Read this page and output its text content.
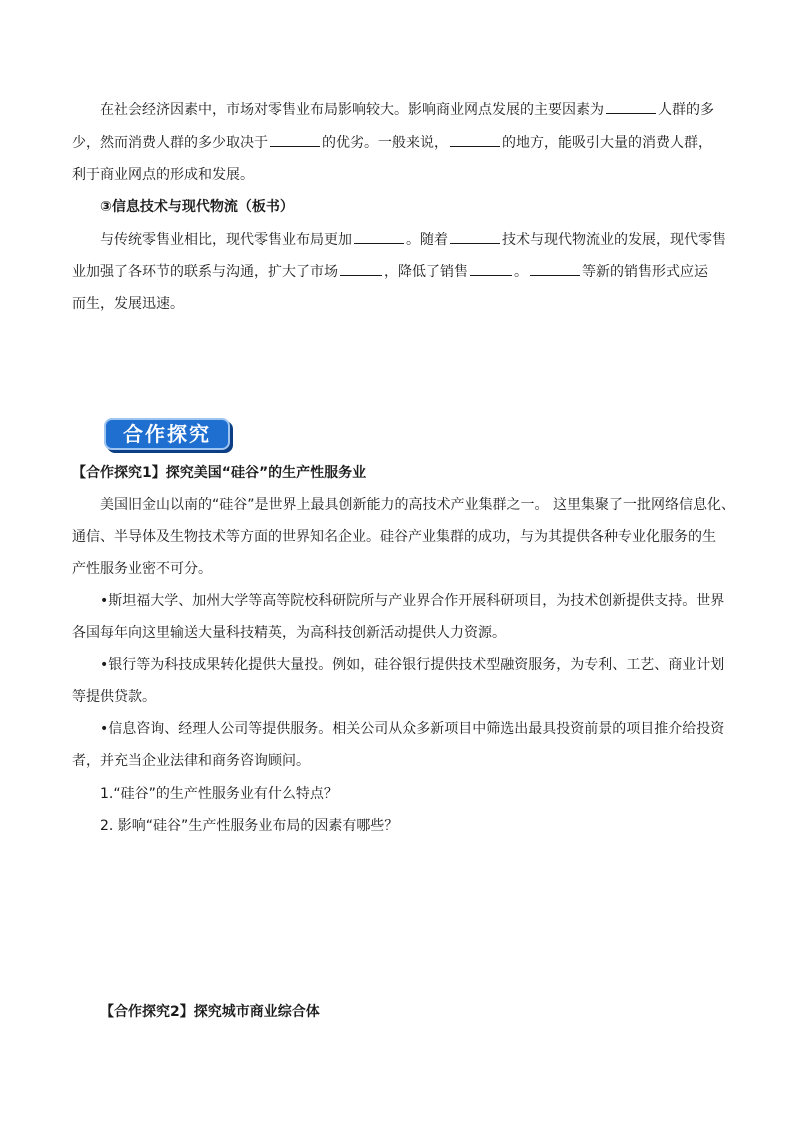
在社会经济因素中，市场对零售业布局影响较大。影响商业网点发展的主要因素为	人群的多
少，然而消费人群的多少取决于	的优劣。一般来说，	的地方，能吸引大量的消费人群，
利于商业网点的形成和发展。
③信息技术与现代物流（板书）
与传统零售业相比，现代零售业布局更加	。随着	技术与现代物流业的发展，现代零售
业加强了各环节的联系与沟通，扩大了市场	，降低了销售	。	等新的销售形式应运
而生，发展迅速。
合作探究
【合作探究1】探究美国“硅谷”的生产性服务业
美国旧金山以南的“硅谷”是世界上最具创新能力的高技术产业集群之一。 这里集聚了一批网络信息化、
通信、半导体及生物技术等方面的世界知名企业。硅谷产业集群的成功，与为其提供各种专业化服务的生
产性服务业密不可分。
•斯坦福大学、加州大学等高等院校科研院所与产业界合作开展科研项目，为技术创新提供支持。世界
各国每年向这里输送大量科技精英，为高科技创新活动提供人力资源。
•银行等为科技成果转化提供大量投。例如，硅谷银行提供技术型融资服务，为专利、工艺、商业计划
等提供贷款。
•信息咨询、经理人公司等提供服务。相关公司从众多新项目中筛选出最具投资前景的项目推介给投资
者，并充当企业法律和商务咨询顾问。
1.“硅谷”的生产性服务业有什么特点？
2. 影响“硅谷”生产性服务业布局的因素有哪些？
【合作探究2】探究城市商业综合体
